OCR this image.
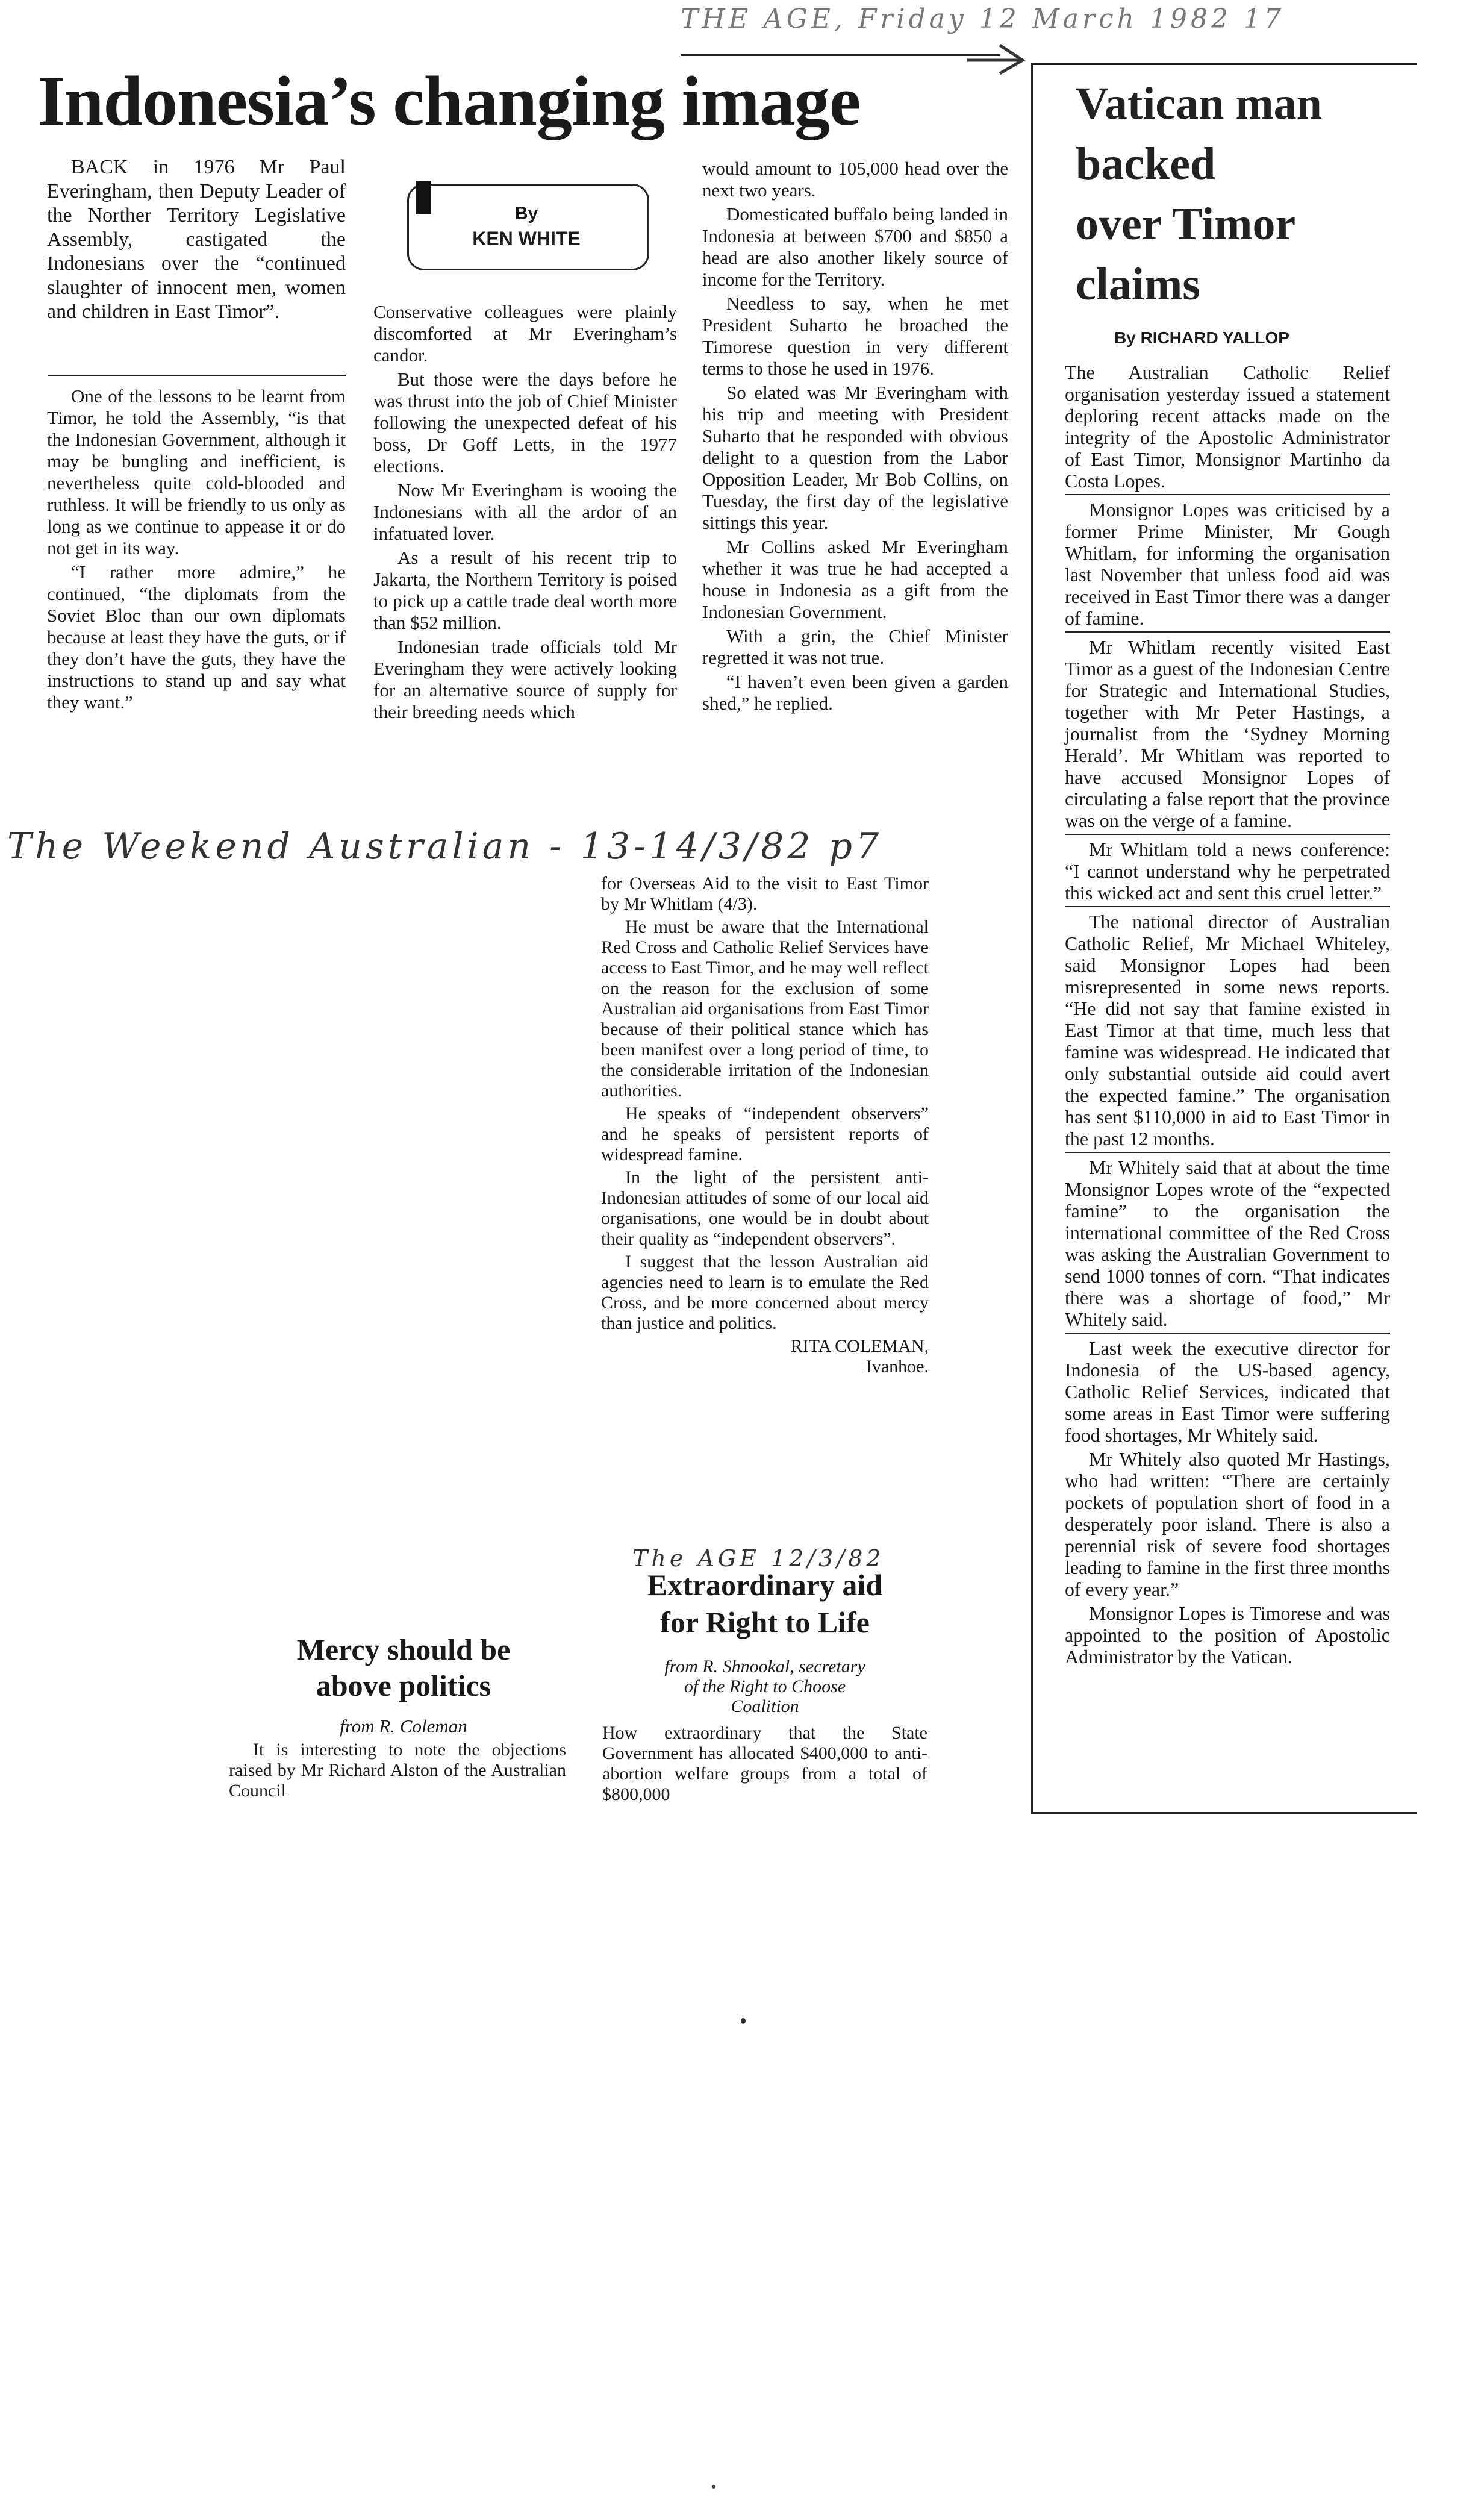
THE AGE, Friday 12 March 1982 17
Indonesia’s changing image

BACK in 1976 Mr Paul Everingham, then Deputy Leader of the Norther Territory Legislative Assembly, castigated the Indonesians over the “continued slaughter of innocent men, women and children in East Timor”.

One of the lessons to be learnt from Timor, he told the Assembly, “is that the Indonesian Government, although it may be bungling and inefficient, is nevertheless quite cold-blooded and ruthless. It will be friendly to us only as long as we continue to appease it or do not get in its way.

“I rather more admire,” he continued, “the diplomats from the Soviet Bloc than our own diplomats because at least they have the guts, or if they don’t have the guts, they have the instructions to stand up and say what they want.”

By
KEN WHITE

Conservative colleagues were plainly discomforted at Mr Everingham’s candor.

But those were the days before he was thrust into the job of Chief Minister following the unexpected defeat of his boss, Dr Goff Letts, in the 1977 elections.

Now Mr Everingham is wooing the Indonesians with all the ardor of an infatuated lover.

As a result of his recent trip to Jakarta, the Northern Territory is poised to pick up a cattle trade deal worth more than $52 million.

Indonesian trade officials told Mr Everingham they were actively looking for an alternative source of supply for their breeding needs which

would amount to 105,000 head over the next two years.

Domesticated buffalo being landed in Indonesia at between $700 and $850 a head are also another likely source of income for the Territory.

Needless to say, when he met President Suharto he broached the Timorese question in very different terms to those he used in 1976.

So elated was Mr Everingham with his trip and meeting with President Suharto that he responded with obvious delight to a question from the Labor Opposition Leader, Mr Bob Collins, on Tuesday, the first day of the legislative sittings this year.

Mr Collins asked Mr Everingham whether it was true he had accepted a house in Indonesia as a gift from the Indonesian Government.

With a grin, the Chief Minister regretted it was not true.

“I haven’t even been given a garden shed,” he replied.

The Weekend Australian - 13-14/3/82 p7
Vatican man
backed
over Timor
claims
By RICHARD YALLOP

The Australian Catholic Relief organisation yesterday issued a statement deploring recent attacks made on the integrity of the Apostolic Administrator of East Timor, Monsignor Martinho da Costa Lopes.

Monsignor Lopes was criticised by a former Prime Minister, Mr Gough Whitlam, for informing the organisation last November that unless food aid was received in East Timor there was a danger of famine.

Mr Whitlam recently visited East Timor as a guest of the Indonesian Centre for Strategic and International Studies, together with Mr Peter Hastings, a journalist from the ‘Sydney Morning Herald’. Mr Whitlam was reported to have accused Monsignor Lopes of circulating a false report that the province was on the verge of a famine.

Mr Whitlam told a news conference: “I cannot understand why he perpetrated this wicked act and sent this cruel letter.”

The national director of Australian Catholic Relief, Mr Michael Whiteley, said Monsignor Lopes had been misrepresented in some news reports. “He did not say that famine existed in East Timor at that time, much less that famine was widespread. He indicated that only substantial outside aid could avert the expected famine.” The organisation has sent $110,000 in aid to East Timor in the past 12 months.

Mr Whitely said that at about the time Monsignor Lopes wrote of the “expected famine” to the organisation the international committee of the Red Cross was asking the Australian Government to send 1000 tonnes of corn. “That indicates there was a shortage of food,” Mr Whitely said.

Last week the executive director for Indonesia of the US-based agency, Catholic Relief Services, indicated that some areas in East Timor were suffering food shortages, Mr Whitely said.

Mr Whitely also quoted Mr Hastings, who had written: “There are certainly pockets of population short of food in a desperately poor island. There is also a perennial risk of severe food shortages leading to famine in the first three months of every year.”

Monsignor Lopes is Timorese and was appointed to the position of Apostolic Administrator by the Vatican.

for Overseas Aid to the visit to East Timor by Mr Whitlam (4/3).

He must be aware that the International Red Cross and Catholic Relief Services have access to East Timor, and he may well reflect on the reason for the exclusion of some Australian aid organisations from East Timor because of their political stance which has been manifest over a long period of time, to the considerable irritation of the Indonesian authorities.

He speaks of “independent observers” and he speaks of persistent reports of widespread famine.

In the light of the persistent anti-Indonesian attitudes of some of our local aid organisations, one would be in doubt about their quality as “independent observers”.

I suggest that the lesson Australian aid agencies need to learn is to emulate the Red Cross, and be more concerned about mercy than justice and politics.

RITA COLEMAN,
Ivanhoe.
Mercy should be
above politics
from R. Coleman

It is interesting to note the objections raised by Mr Richard Alston of the Australian Council

The AGE 12/3/82
Extraordinary aid
for Right to Life
from R. Shnookal, secretary
of the Right to Choose
Coalition

How extraordinary that the State Government has allocated $400,000 to anti-abortion welfare groups from a total of $800,000
